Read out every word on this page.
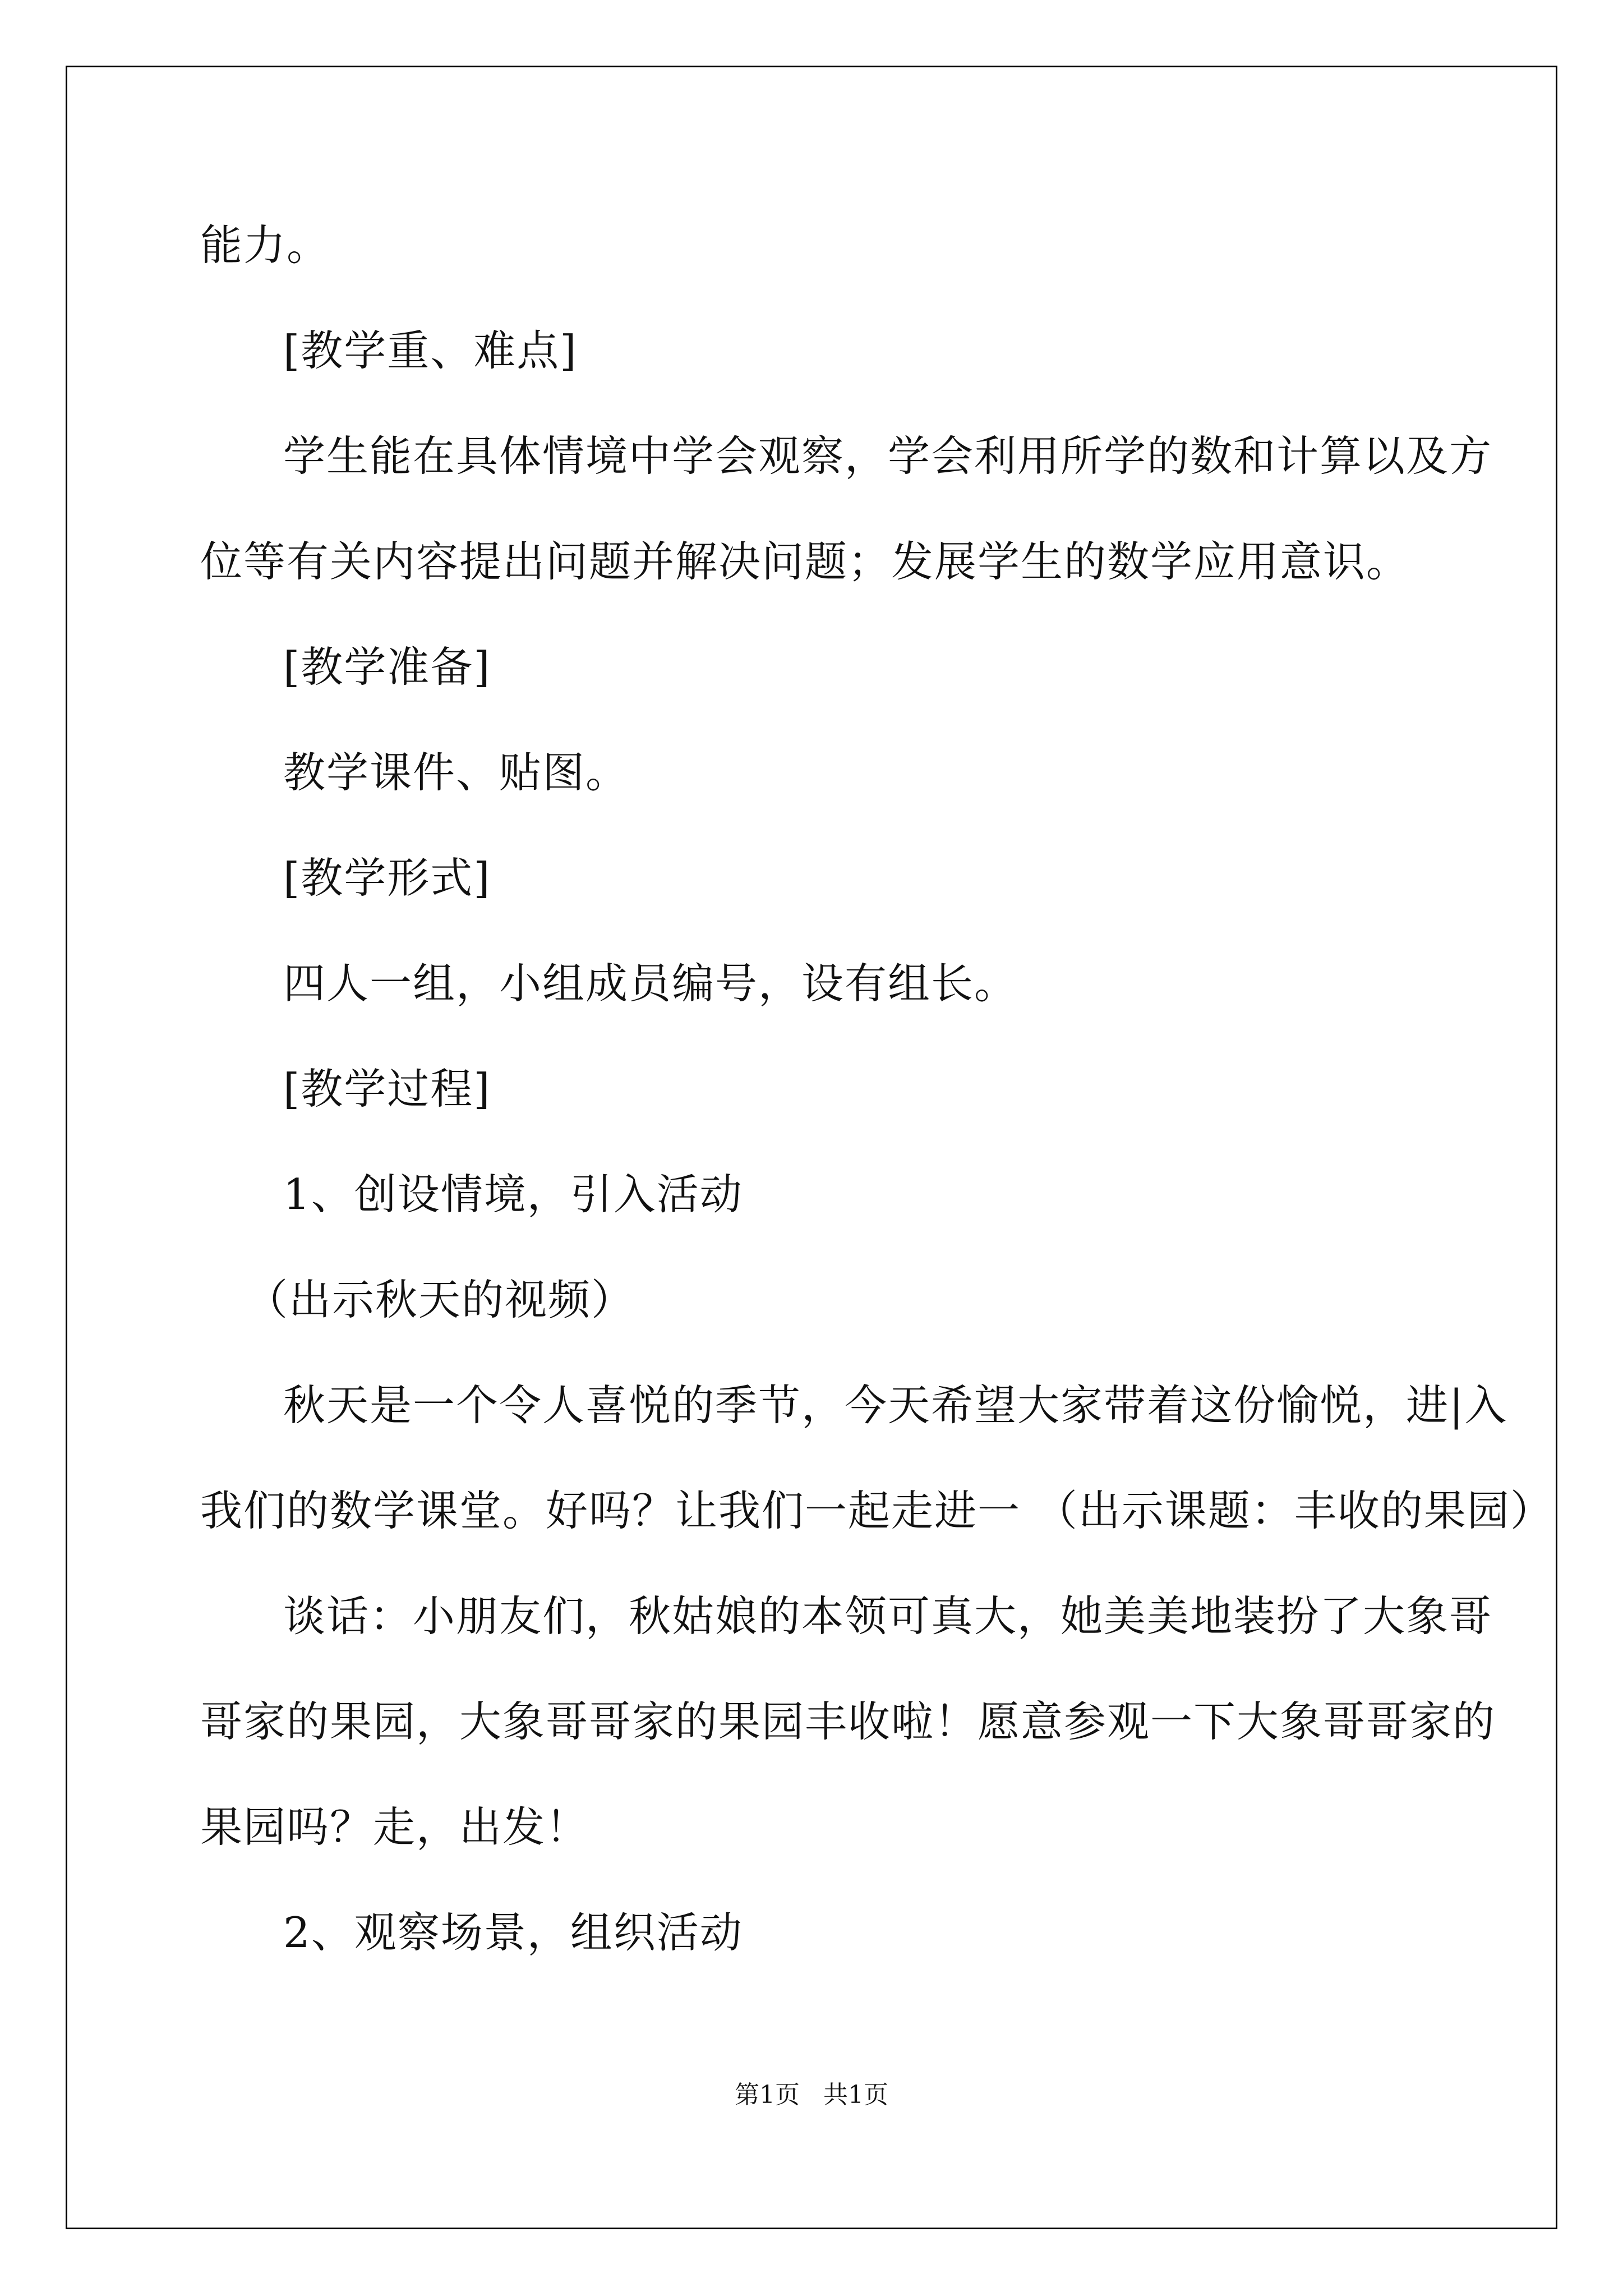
能力。
[教学重、难点]
学生能在具体情境中学会观察，学会利用所学的数和计算以及方
位等有关内容提出问题并解决问题；发展学生的数学应用意识。
[教学准备]
教学课件、贴图。
[教学形式]
四人一组，小组成员编号，设有组长。
[教学过程]
1、创设情境，引入活动
（出示秋天的视频）
秋天是一个令人喜悦的季节，今天希望大家带着这份愉悦，进|入
我们的数学课堂。好吗？让我们一起走进一 （出示课题：丰收的果园）
谈话：小朋友们，秋姑娘的本领可真大，她美美地装扮了大象哥
哥家的果园，大象哥哥家的果园丰收啦！愿意参观一下大象哥哥家的
果园吗？走，出发！
2、观察场景，组织活动
第1页   共1页
